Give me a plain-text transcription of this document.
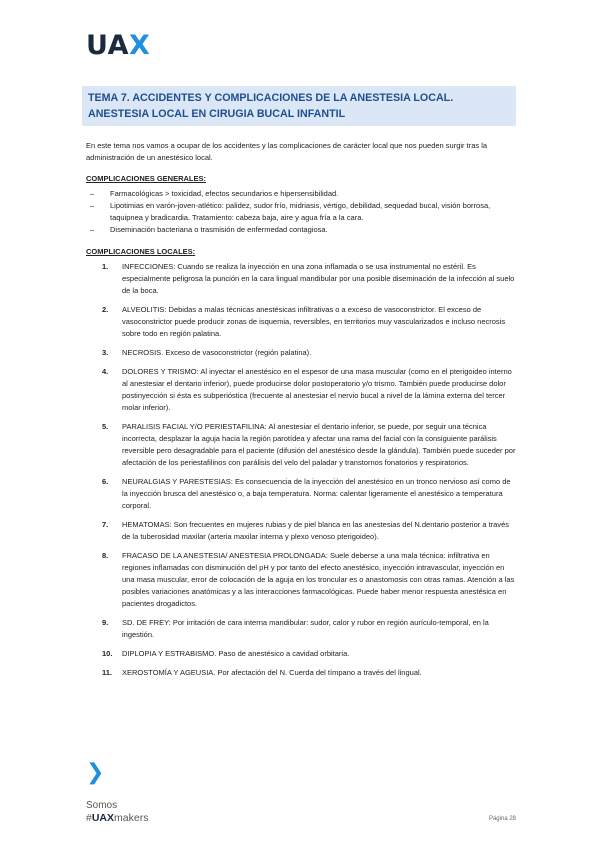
UAX
TEMA 7. ACCIDENTES Y COMPLICACIONES DE LA ANESTESIA LOCAL.
ANESTESIA LOCAL EN CIRUGIA BUCAL INFANTIL

En este tema nos vamos a ocupar de los accidentes y las complicaciones de carácter local que nos pueden surgir tras la administración de un anestésico local.

COMPLICACIONES GENERALES:
– Farmacológicas > toxicidad, efectos secundarios e hipersensibilidad.
– Lipotimias en varón-joven-atlético: palidez, sudor frío, midriasis, vértigo, debilidad, sequedad bucal, visión borrosa, taquipnea y bradicardia. Tratamiento: cabeza baja, aire y agua fría a la cara.
– Diseminación bacteriana o trasmisión de enfermedad contagiosa.
COMPLICACIONES LOCALES:
1. INFECCIONES: Cuando se realiza la inyección en una zona inflamada o se usa instrumental no estéril. Es especialmente peligrosa la punción en la cara lingual mandibular por una posible diseminación de la infección al suelo de la boca.
2. ALVEOLITIS: Debidas a malas técnicas anestésicas infiltrativas o a exceso de vasoconstrictor. El exceso de vasoconstrictor puede producir zonas de isquemia, reversibles, en territorios muy vascularizados e incluso necrosis sobre todo en región palatina.
3. NECROSIS. Exceso de vasoconstrictor (región palatina).
4. DOLORES Y TRISMO: Al inyectar el anestésico en el espesor de una masa muscular (como en el pterigoideo interno al anestesiar el dentario inferior), puede producirse dolor postoperatorio y/o trismo. También puede producirse dolor postinyección si ésta es subperióstica (frecuente al anestesiar el nervio bucal a nivel de la lámina externa del tercer molar inferior).
5. PARALISIS FACIAL Y/O PERIESTAFILINA: Al anestesiar el dentario inferior, se puede, por seguir una técnica incorrecta, desplazar la aguja hacia la región parotídea y afectar una rama del facial con la consiguiente parálisis reversible pero desagradable para el paciente (difusión del anestésico desde la glándula). También puede suceder por afectación de los periestafilinos con parálisis del velo del paladar y transtornos fonatorios y respiratorios.
6. NEURALGIAS Y PARESTESIAS: Es consecuencia de la inyección del anestésico en un tronco nervioso así como de la inyección brusca del anestésico o, a baja temperatura. Norma: calentar ligeramente el anestésico a temperatura corporal.
7. HEMATOMAS: Son frecuentes en mujeres rubias y de piel blanca en las anestesias del N.dentario posterior a través de la tuberosidad maxilar (arteria maxilar interna y plexo venoso pterigoideo).
8. FRACASO DE LA ANESTESIA/ ANESTESIA PROLONGADA: Suele deberse a una mala técnica: infiltrativa en regiones inflamadas con disminución del pH y por tanto del efecto anestésico, inyección intravascular, inyección en una masa muscular, error de colocación de la aguja en los troncular es o anastomosis con otras ramas. Atención a las posibles variaciones anatómicas y a las interacciones farmacológicas. Puede haber menor respuesta anestésica en pacientes drogadictos.
9. SD. DE FREY: Por irritación de cara interna mandibular: sudor, calor y rubor en región aurículo-temporal, en la ingestión.
10. DIPLOPIA Y ESTRABISMO. Paso de anestésico a cavidad orbitaria.
11. XEROSTOMÍA Y AGEUSIA. Por afectación del N. Cuerda del tímpano a través del lingual.
❯
Somos
#UAXmakers	Página 28
